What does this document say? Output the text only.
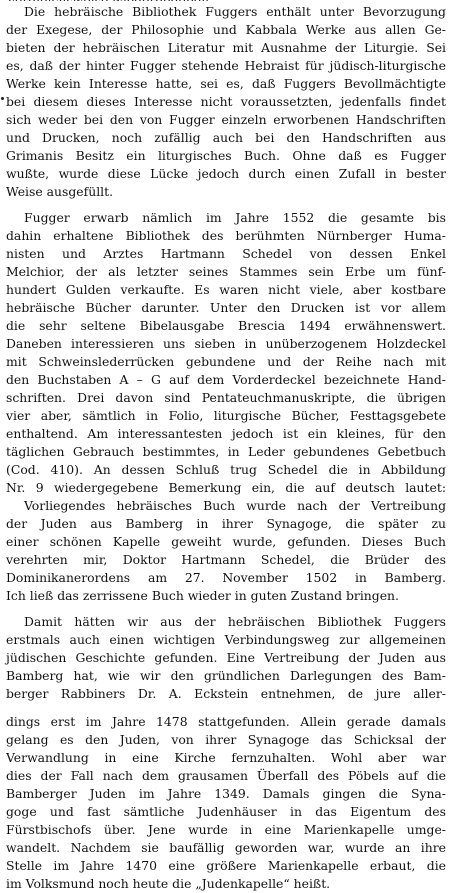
Die hebräische Bibliothek Fuggers enthält unter Bevorzugung
der Exegese, der Philosophie und Kabbala Werke aus allen Ge-
bieten der hebräischen Literatur mit Ausnahme der Liturgie. Sei
es, daß der hinter Fugger stehende Hebraist für jüdisch-liturgische
Werke kein Interesse hatte, sei es, daß Fuggers Bevollmächtigte
bei diesem dieses Interesse nicht voraussetzten, jedenfalls findet
sich weder bei den von Fugger einzeln erworbenen Handschriften
und Drucken, noch zufällig auch bei den Handschriften aus
Grimanis Besitz ein liturgisches Buch. Ohne daß es Fugger
wußte, wurde diese Lücke jedoch durch einen Zufall in bester
Weise ausgefüllt.
Fugger erwarb nämlich im Jahre 1552 die gesamte bis
dahin erhaltene Bibliothek des berühmten Nürnberger Huma-
nisten und Arztes Hartmann Schedel von dessen Enkel
Melchior, der als letzter seines Stammes sein Erbe um fünf-
hundert Gulden verkaufte. Es waren nicht viele, aber kostbare
hebräische Bücher darunter. Unter den Drucken ist vor allem
die sehr seltene Bibelausgabe Brescia 1494 erwähnenswert.
Daneben interessieren uns sieben in unüberzogenem Holzdeckel
mit Schweinslederrücken gebundene und der Reihe nach mit
den Buchstaben A – G auf dem Vorderdeckel bezeichnete Hand-
schriften. Drei davon sind Pentateuchmanuskripte, die übrigen
vier aber, sämtlich in Folio, liturgische Bücher, Festtagsgebete
enthaltend. Am interessantesten jedoch ist ein kleines, für den
täglichen Gebrauch bestimmtes, in Leder gebundenes Gebetbuch
(Cod. 410). An dessen Schluß trug Schedel die in Abbildung
Nr. 9 wiedergegebene Bemerkung ein, die auf deutsch lautet:
Vorliegendes hebräisches Buch wurde nach der Vertreibung
der Juden aus Bamberg in ihrer Synagoge, die später zu
einer schönen Kapelle geweiht wurde, gefunden. Dieses Buch
verehrten mir, Doktor Hartmann Schedel, die Brüder des
Dominikanerordens am 27. November 1502 in Bamberg.
Ich ließ das zerrissene Buch wieder in guten Zustand bringen.
Damit hätten wir aus der hebräischen Bibliothek Fuggers
erstmals auch einen wichtigen Verbindungsweg zur allgemeinen
jüdischen Geschichte gefunden. Eine Vertreibung der Juden aus
Bamberg hat, wie wir den gründlichen Darlegungen des Bam-
berger Rabbiners Dr. A. Eckstein entnehmen, de jure aller-
dings erst im Jahre 1478 stattgefunden. Allein gerade damals
gelang es den Juden, von ihrer Synagoge das Schicksal der
Verwandlung in eine Kirche fernzuhalten. Wohl aber war
dies der Fall nach dem grausamen Überfall des Pöbels auf die
Bamberger Juden im Jahre 1349. Damals gingen die Syna-
goge und fast sämtliche Judenhäuser in das Eigentum des
Fürstbischofs über. Jene wurde in eine Marienkapelle umge-
wandelt. Nachdem sie baufällig geworden war, wurde an ihre
Stelle im Jahre 1470 eine größere Marienkapelle erbaut, die
im Volksmund noch heute die „Judenkapelle“ heißt.
